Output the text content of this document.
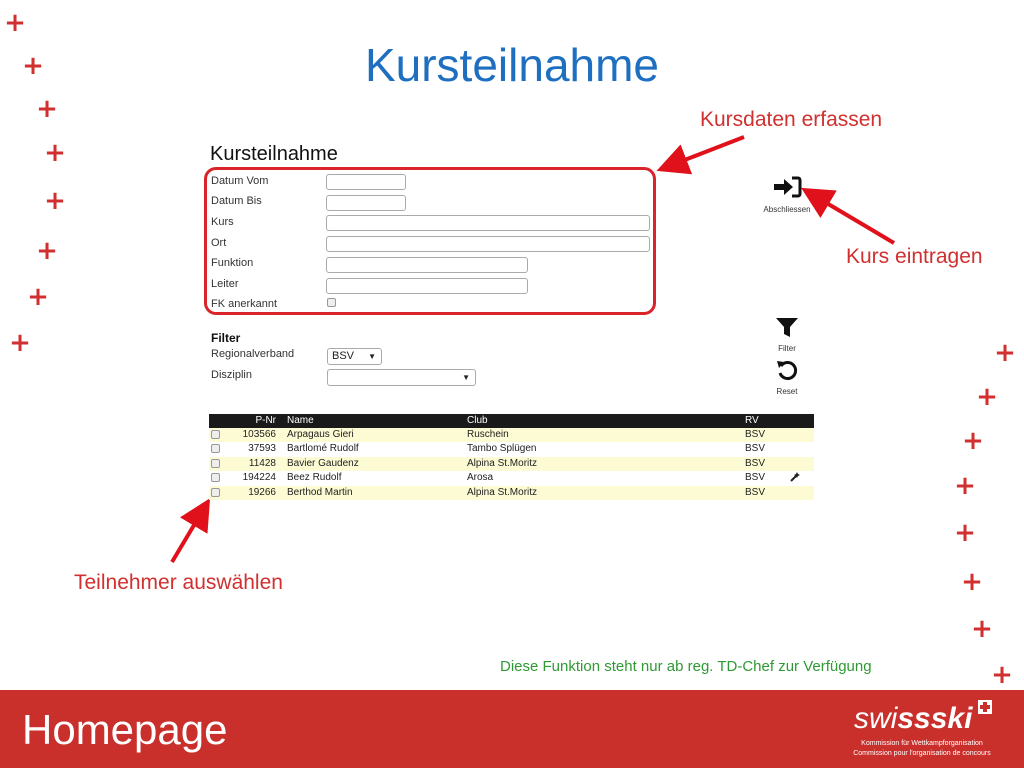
+
+
+
+
+
+
+
+	+
+
+
+
+
+
+
+
Kursteilnahme
Kursdaten erfassen
Kurs eintragen
Teilnehmer auswählen
Kursteilnahme
Datum Vom
Datum Bis
Kurs
Ort
Funktion
Leiter
FK anerkannt
Abschliessen
Filter
Regionalverband	BSV ▼
Disziplin	▼
Filter
Reset
P-Nr Name	Club	RV
103566 Arpagaus Gieri	Ruschein	BSV
37593 Bartlomé Rudolf	Tambo Splügen	BSV
11428 Bavier Gaudenz	Alpina St.Moritz	BSV
194224 Beez Rudolf	Arosa	BSV
19266 Berthod Martin	Alpina St.Moritz	BSV
Diese Funktion steht nur ab reg. TD-Chef zur Verfügung
Homepage	swissski
Kommission für Wettkampforganisation
Commission pour l'organisation de concours
